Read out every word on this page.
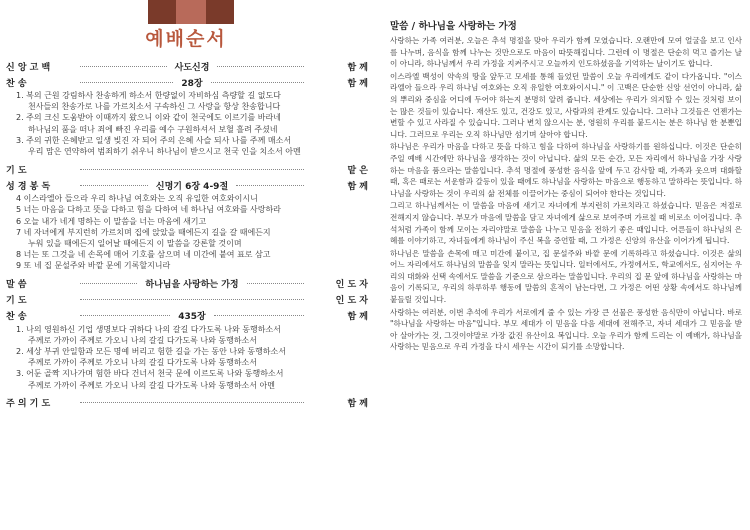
예배순서
신 앙 고 백	사도신경	함 께
찬 송	28장	함 께
1. 복의 근원 강림하사 찬송하게 하소서 한량없이 자비하심 측량할 길 없도다
천사들의 찬송가로 나를 가르치소서 구속하신 그 사랑을 항상 찬송합니다
2. 주의 크신 도움받아 이때까지 왔으니 이와 같이 천국에도 이르기를 바라네
하나님의 품을 떠나 죄에 빠진 우리를 예수 구원하셔서 보혈 흘려 주셨네
3. 주의 귀한 은혜받고 일생 빚진 자 되어 주의 은혜 사슬 되사 나를 주께 매소서
우리 맘은 연약하여 범죄하기 쉬우니 하나님이 받으시고 천국 인을 치소서 아멘
기 도	맡 은
성 경 봉 독	신명기 6장 4-9절	함 께
4 이스라엘아 들으라 우리 하나님 여호와는 오직 유일한 여호와이시니
5 너는 마음을 다하고 뜻을 다하고 힘을 다하여 네 하나님 여호와를 사랑하라
6 오늘 내가 네게 명하는 이 말씀을 너는 마음에 새기고
7 네 자녀에게 부지런히 가르치며 집에 앉았을 때에든지 길을 갈 때에든지
누워 있을 때에든지 일어날 때에든지 이 말씀을 강론할 것이며
8 너는 또 그것을 네 손목에 매어 기호를 삼으며 네 미간에 붙여 표로 삼고
9 또 네 집 문설주와 바깥 문에 기록할지니라
말 씀	하나님을 사랑하는 가정	인 도 자
기 도	인 도 자
찬 송	435장	함 께
1. 나의 영원하신 기업 생명보다 귀하다 나의 갈길 다가도록 나와 동행하소서
주께로 가까이 주께로 가오니 나의 갈길 다가도록 나와 동행하소서
2. 세상 부귀 안일함과 모든 명예 버리고 험한 길을 가는 동안 나와 동행하소서
주께로 가까이 주께로 가오니 나의 갈길 다가도록 나와 동행하소서
3. 어둔 골짝 지나가며 험한 바다 건너서 천국 문에 이르도록 나와 동행하소서
주께로 가까이 주께로 가오니 나의 갈길 다가도록 나와 동행하소서 아멘
주 의 기 도	함 께
말씀 / 하나님을 사랑하는 가정

사랑하는 가족 여러분, 오늘은 추석 명절을 맞아 우리가 함께 모였습니다. 오랜만에 모여 얼굴을 보고 인사를 나누며, 음식을 함께 나누는 것만으로도 마음이 따뜻해집니다. 그런데 이 명절은 단순히 먹고 즐기는 날이 아니라, 하나님께서 우리 가정을 지켜주시고 오늘까지 인도하셨음을 기억하는 날이기도 합니다.

이스라엘 백성이 약속의 땅을 앞두고 모세를 통해 들었던 말씀이 오늘 우리에게도 같이 다가옵니다. "이스라엘아 들으라 우리 하나님 여호와는 오직 유일한 여호와이시니." 이 고백은 단순한 신앙 선언이 아니라, 삶의 뿌리와 중심을 어디에 두어야 하는지 분명히 알려 줍니다. 세상에는 우리가 의지할 수 있는 것처럼 보이는 많은 것들이 있습니다. 재산도 있고, 건강도 있고, 사람과의 관계도 있습니다. 그러나 그것들은 언젠가는 변할 수 있고 사라질 수 있습니다. 그러나 변치 않으시는 분, 영원히 우리를 붙드시는 분은 하나님 한 분뿐입니다. 그러므로 우리는 오직 하나님만 섬기며 살아야 합니다.

하나님은 우리가 마음을 다하고 뜻을 다하고 힘을 다하여 하나님을 사랑하기를 원하십니다. 이것은 단순히 주일 예배 시간에만 하나님을 생각하는 것이 아닙니다. 삶의 모든 순간, 모든 자리에서 하나님을 가장 사랑하는 마음을 품으라는 말씀입니다. 추석 명절에 풍성한 음식을 앞에 두고 감사할 때, 가족과 웃으며 대화할 때, 혹은 때로는 서운함과 갈등이 있을 때에도 하나님을 사랑하는 마음으로 행동하고 말하라는 뜻입니다. 하나님을 사랑하는 것이 우리의 삶 전체를 이끌어가는 중심이 되어야 한다는 것입니다.

그리고 하나님께서는 이 말씀을 마음에 새기고 자녀에게 부지런히 가르치라고 하셨습니다. 믿음은 저절로 전해지지 않습니다. 부모가 마음에 말씀을 담고 자녀에게 삶으로 보여주며 가르칠 때 비로소 이어집니다. 추석처럼 가족이 함께 모이는 자리야말로 말씀을 나누고 믿음을 전하기 좋은 때입니다. 어른들이 하나님의 은혜를 이야기하고, 자녀들에게 하나님이 주신 복을 증언할 때, 그 가정은 신앙의 유산을 이어가게 됩니다.

하나님은 말씀을 손목에 매고 미간에 붙이고, 집 문설주와 바깥 문에 기록하라고 하셨습니다. 이것은 삶의 어느 자리에서도 하나님의 말씀을 잊지 말라는 뜻입니다. 일터에서도, 가정에서도, 학교에서도, 심지어는 우리의 대화와 선택 속에서도 말씀을 기준으로 삼으라는 말씀입니다. 우리의 집 문 앞에 하나님을 사랑하는 마음이 기록되고, 우리의 하루하루 행동에 말씀의 흔적이 남는다면, 그 가정은 어떤 상황 속에서도 하나님께 붙들릴 것입니다.

사랑하는 여러분, 이번 추석에 우리가 서로에게 줄 수 있는 가장 큰 선물은 풍성한 음식만이 아닙니다. 바로 "하나님을 사랑하는 마음"입니다. 부모 세대가 이 믿음을 다음 세대에 전해주고, 자녀 세대가 그 믿음을 받아 살아가는 것, 그것이야말로 가장 값진 유산이요 복입니다. 오늘 우리가 함께 드리는 이 예배가, 하나님을 사랑하는 믿음으로 우리 가정을 다시 세우는 시간이 되기를 소망합니다.
